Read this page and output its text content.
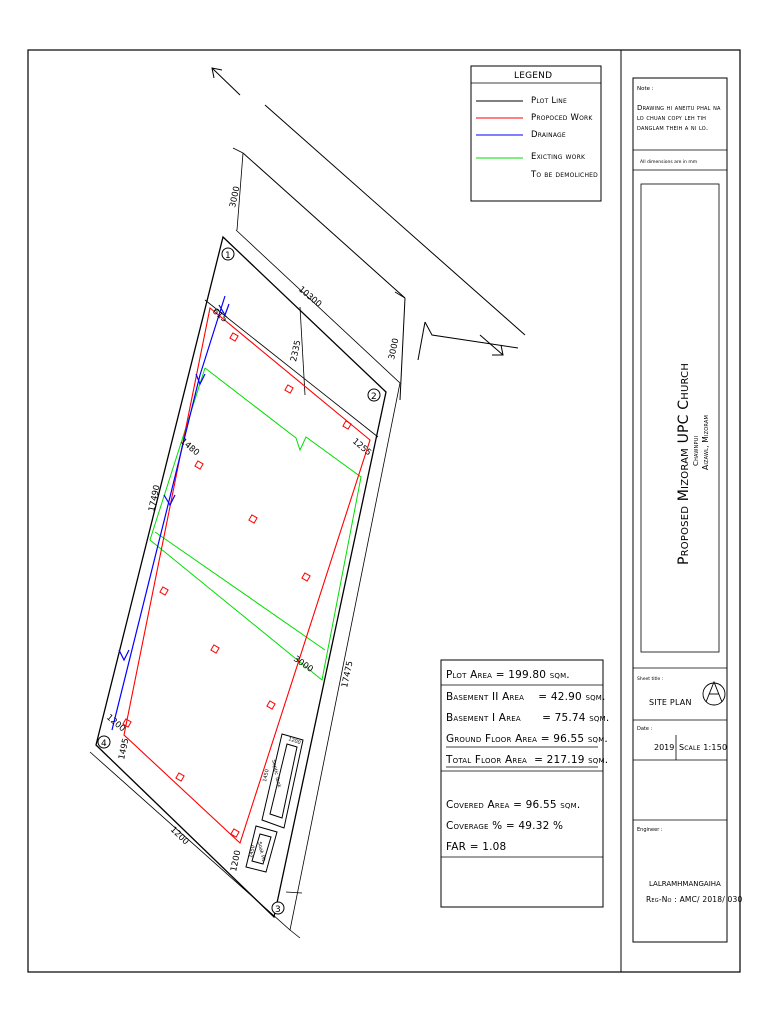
LEGEND
Plot Line
Propoced Work
Drainage
Exicting work
To be demoliched
Septic Tank
Soak Pit
1
2
3
4
3000
3000
10300
1255
2335
615
17490
1480
17475
3000
1200
1200
1495
1200
1200
1450
1450
Plot Area = 199.80 sqm.
Basement II Area    = 42.90 sqm.
Basement I Area      = 75.74 sqm.
Ground Floor Area = 96.55 sqm.
Total Floor Area  = 217.19 sqm.
Covered Area = 96.55 sqm.
Coverage % = 49.32 %
FAR = 1.08
Note :
Drawing hi aneitu phal na
lo chuan copy leh tih
danglam theih a ni lo.
All dimensions are in mm
Proposed Mizoram UPC Church Chawnpui Aizawl, Mizoram
Sheet title :
SITE PLAN
Date :
2019 Scale 1:150
Engineer :
LALRAMHMANGAIHA
Reg-No : AMC/ 2018/ 030
